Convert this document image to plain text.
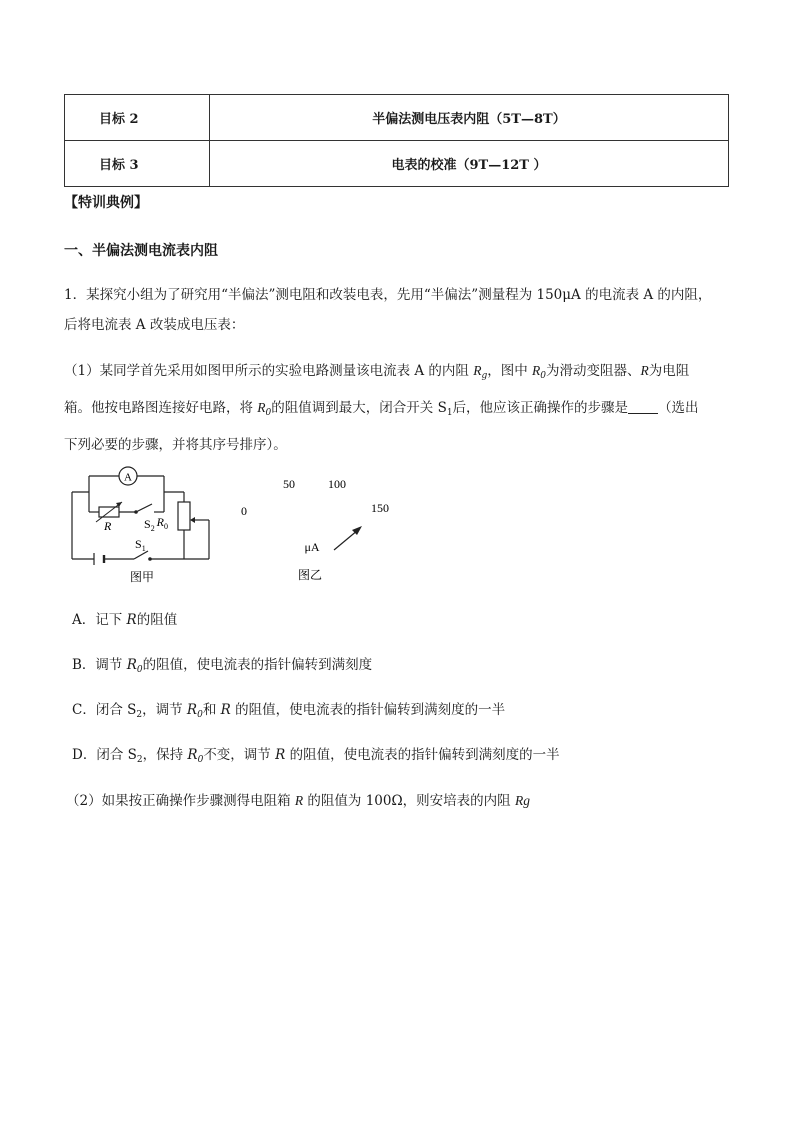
目标 2	半偏法测电压表内阻（5T—8T）
目标 3	电表的校准（9T—12T ）
【特训典例】
一、半偏法测电流表内阻
1．某探究小组为了研究用“半偏法”测电阻和改装电表，先用“半偏法”测量程为 150μA 的电流表 A 的内阻，
后将电流表 A 改装成电压表：
（1）某同学首先采用如图甲所示的实验电路测量该电流表 A 的内阻 $R_g$，图中 $R_0$为滑动变阻器、R为电阻
箱。他按电路图连接好电路，将 $R_0$的阻值调到最大，闭合开关 $S_1$后，他应该正确操作的步骤是 （选出
下列必要的步骤，并将其序号排序）。
A
R	$S_2$ $R_0$
$S_1$
图甲
0
50	100
150
μA
图乙
A．记下 R的阻值
B．调节 $R_0$的阻值，使电流表的指针偏转到满刻度
C．闭合 $S_2$，调节 $R_0$和 R 的阻值，使电流表的指针偏转到满刻度的一半
D．闭合 $S_2$，保持 $R_0$不变，调节 R 的阻值，使电流表的指针偏转到满刻度的一半
（2）如果按正确操作步骤测得电阻箱 R 的阻值为 100Ω，则安培表的内阻 Rg
